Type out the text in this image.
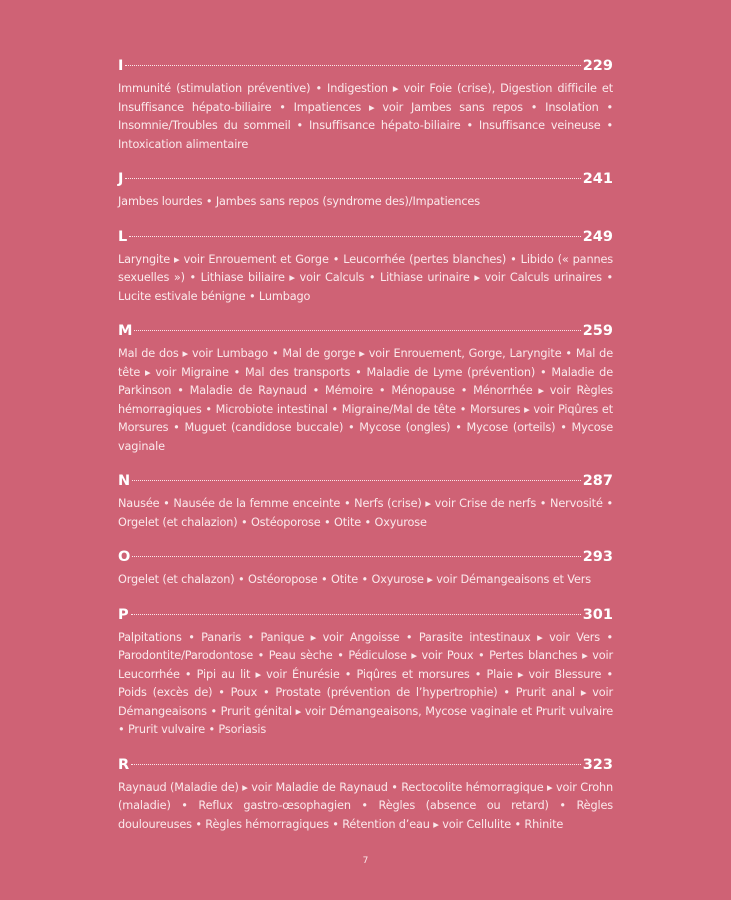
I	229
Immunité (stimulation préventive) • Indigestion ▸ voir Foie (crise), Digestion difficile et Insuffisance hépato-biliaire • Impatiences ▸ voir Jambes sans repos • Insolation • Insomnie/Troubles du sommeil • Insuffisance hépato-biliaire • Insuffisance veineuse • Intoxication alimentaire
J	241
Jambes lourdes • Jambes sans repos (syndrome des)/Impatiences
L	249
Laryngite ▸ voir Enrouement et Gorge • Leucorrhée (pertes blanches) • Libido (« pannes sexuelles ») • Lithiase biliaire ▸ voir Calculs • Lithiase urinaire ▸ voir Calculs urinaires • Lucite estivale bénigne • Lumbago
M	259
Mal de dos ▸ voir Lumbago • Mal de gorge ▸ voir Enrouement, Gorge, Laryngite • Mal de tête ▸ voir Migraine • Mal des transports • Maladie de Lyme (prévention) • Maladie de Parkinson • Maladie de Raynaud • Mémoire • Ménopause • Ménorrhée ▸ voir Règles hémorragiques • Microbiote intestinal • Migraine/Mal de tête • Morsures ▸ voir Piqûres et Morsures • Muguet (candidose buccale) • Mycose (ongles) • Mycose (orteils) • Mycose vaginale
N	287
Nausée • Nausée de la femme enceinte • Nerfs (crise) ▸ voir Crise de nerfs • Nervosité • Orgelet (et chalazion) • Ostéoporose • Otite • Oxyurose
O	293
Orgelet (et chalazon) • Ostéoropose • Otite • Oxyurose ▸ voir Démangeaisons et Vers
P	301
Palpitations • Panaris • Panique ▸ voir Angoisse • Parasite intestinaux ▸ voir Vers • Parodontite/Parodontose • Peau sèche • Pédiculose ▸ voir Poux • Pertes blanches ▸ voir Leucorrhée • Pipi au lit ▸ voir Énurésie • Piqûres et morsures • Plaie ▸ voir Blessure • Poids (excès de) • Poux • Prostate (prévention de l’hypertrophie) • Prurit anal ▸ voir Démangeaisons • Prurit génital ▸ voir Démangeaisons, Mycose vaginale et Prurit vulvaire • Prurit vulvaire • Psoriasis
R	323
Raynaud (Maladie de) ▸ voir Maladie de Raynaud • Rectocolite hémorragique ▸ voir Crohn (maladie) • Reflux gastro-œsophagien • Règles (absence ou retard) • Règles douloureuses • Règles hémorragiques • Rétention d’eau ▸ voir Cellulite • Rhinite
7
